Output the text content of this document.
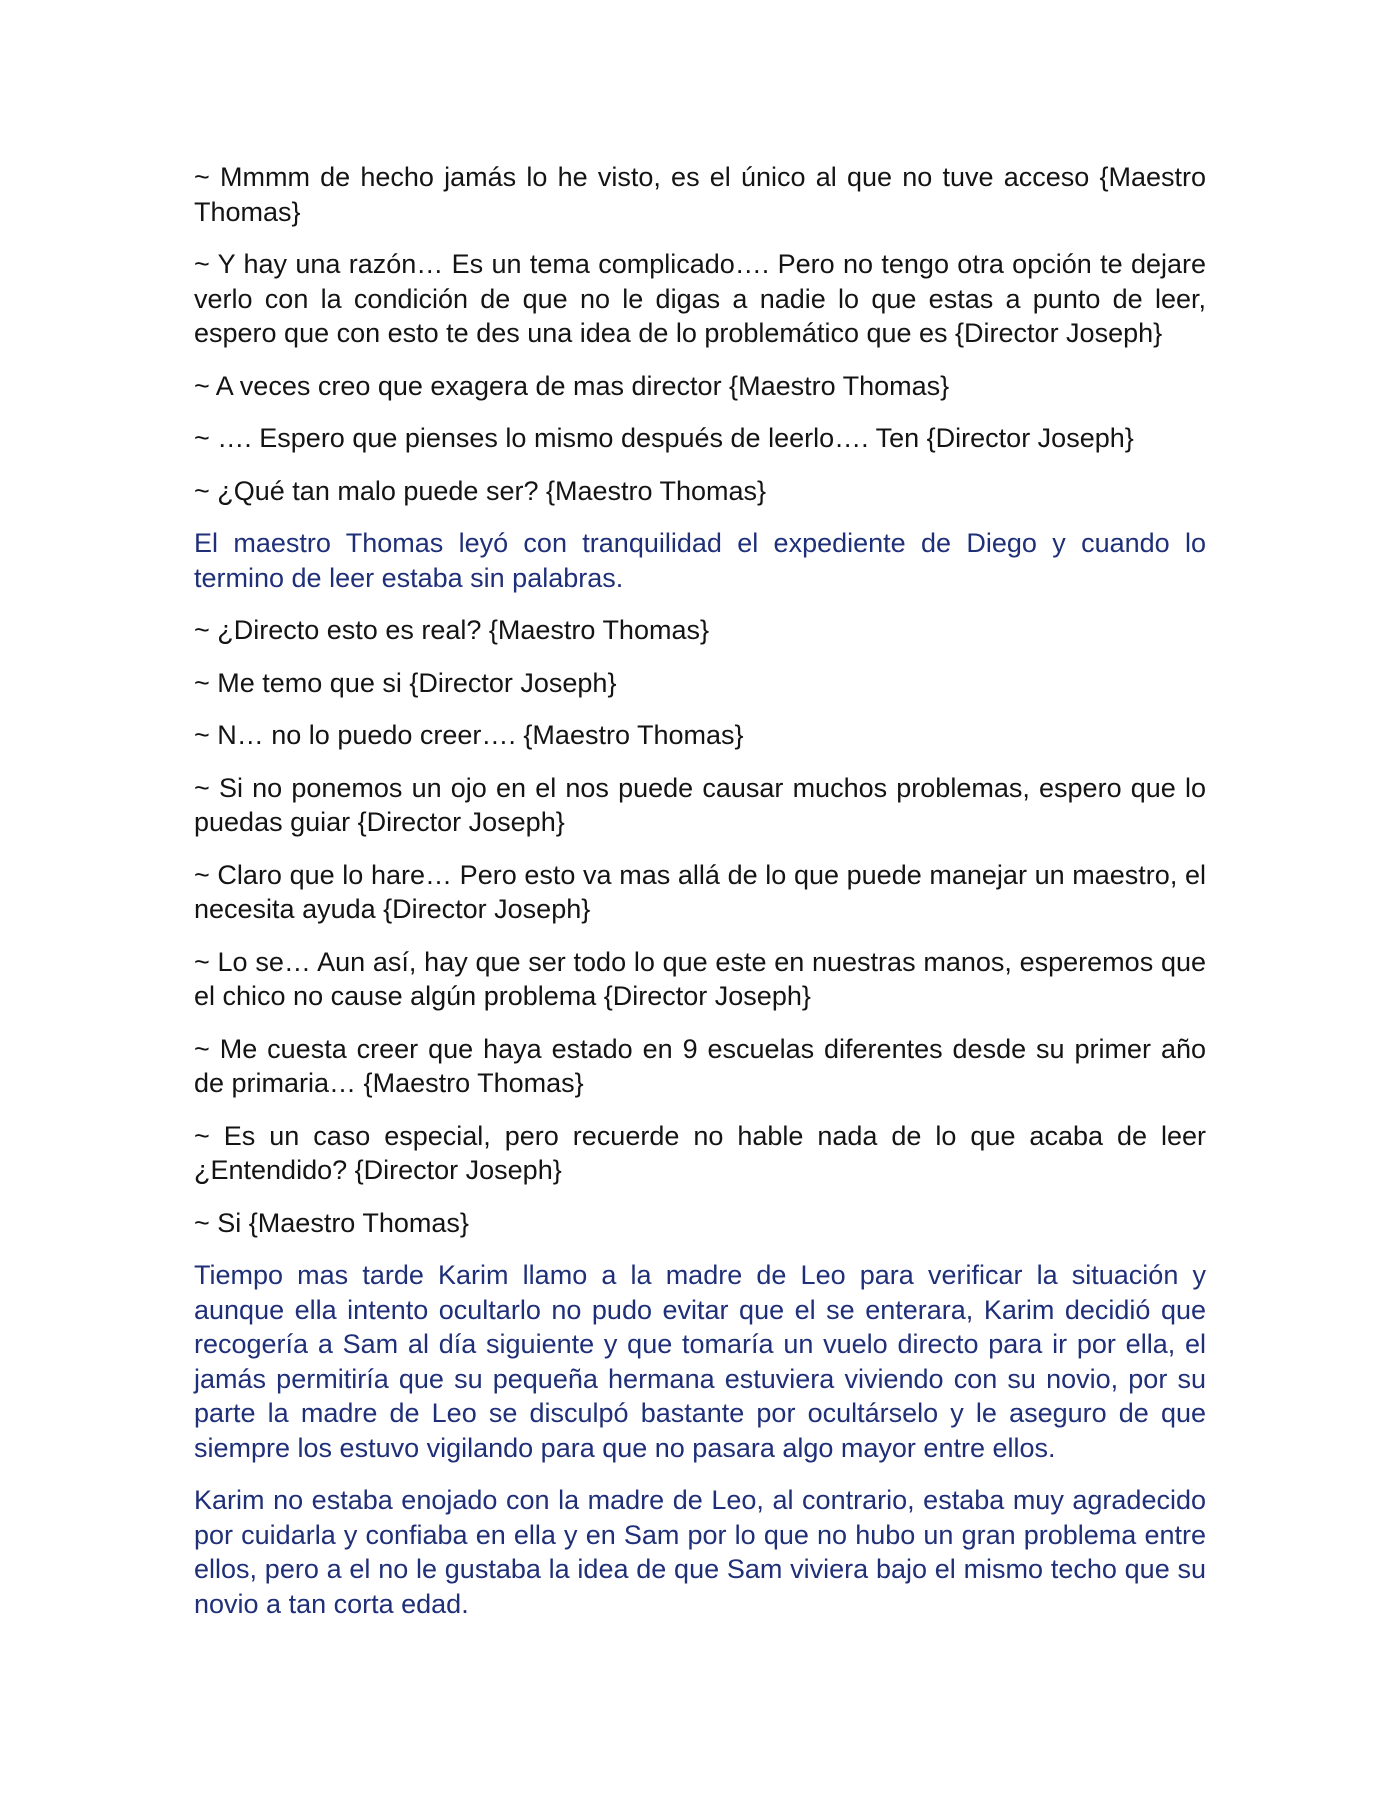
~ Mmmm de hecho jamás lo he visto, es el único al que no tuve acceso {Maestro Thomas}

~ Y hay una razón… Es un tema complicado…. Pero no tengo otra opción te dejare verlo con la condición de que no le digas a nadie lo que estas a punto de leer, espero que con esto te des una idea de lo problemático que es {Director Joseph}

~ A veces creo que exagera de mas director {Maestro Thomas}

~ …. Espero que pienses lo mismo después de leerlo…. Ten {Director Joseph}

~ ¿Qué tan malo puede ser? {Maestro Thomas}

El maestro Thomas leyó con tranquilidad el expediente de Diego y cuando lo termino de leer estaba sin palabras.

~ ¿Directo esto es real? {Maestro Thomas}

~ Me temo que si {Director Joseph}

~ N… no lo puedo creer…. {Maestro Thomas}

~ Si no ponemos un ojo en el nos puede causar muchos problemas, espero que lo puedas guiar {Director Joseph}

~ Claro que lo hare… Pero esto va mas allá de lo que puede manejar un maestro, el necesita ayuda {Director Joseph}

~ Lo se… Aun así, hay que ser todo lo que este en nuestras manos, esperemos que el chico no cause algún problema {Director Joseph}

~ Me cuesta creer que haya estado en 9 escuelas diferentes desde su primer año de primaria… {Maestro Thomas}

~ Es un caso especial, pero recuerde no hable nada de lo que acaba de leer ¿Entendido? {Director Joseph}

~ Si {Maestro Thomas}

Tiempo mas tarde Karim llamo a la madre de Leo para verificar la situación y aunque ella intento ocultarlo no pudo evitar que el se enterara, Karim decidió que recogería a Sam al día siguiente y que tomaría un vuelo directo para ir por ella, el jamás permitiría que su pequeña hermana estuviera viviendo con su novio, por su parte la madre de Leo se disculpó bastante por ocultárselo y le aseguro de que siempre los estuvo vigilando para que no pasara algo mayor entre ellos.

Karim no estaba enojado con la madre de Leo, al contrario, estaba muy agradecido por cuidarla y confiaba en ella y en Sam por lo que no hubo un gran problema entre ellos, pero a el no le gustaba la idea de que Sam viviera bajo el mismo techo que su novio a tan corta edad.
